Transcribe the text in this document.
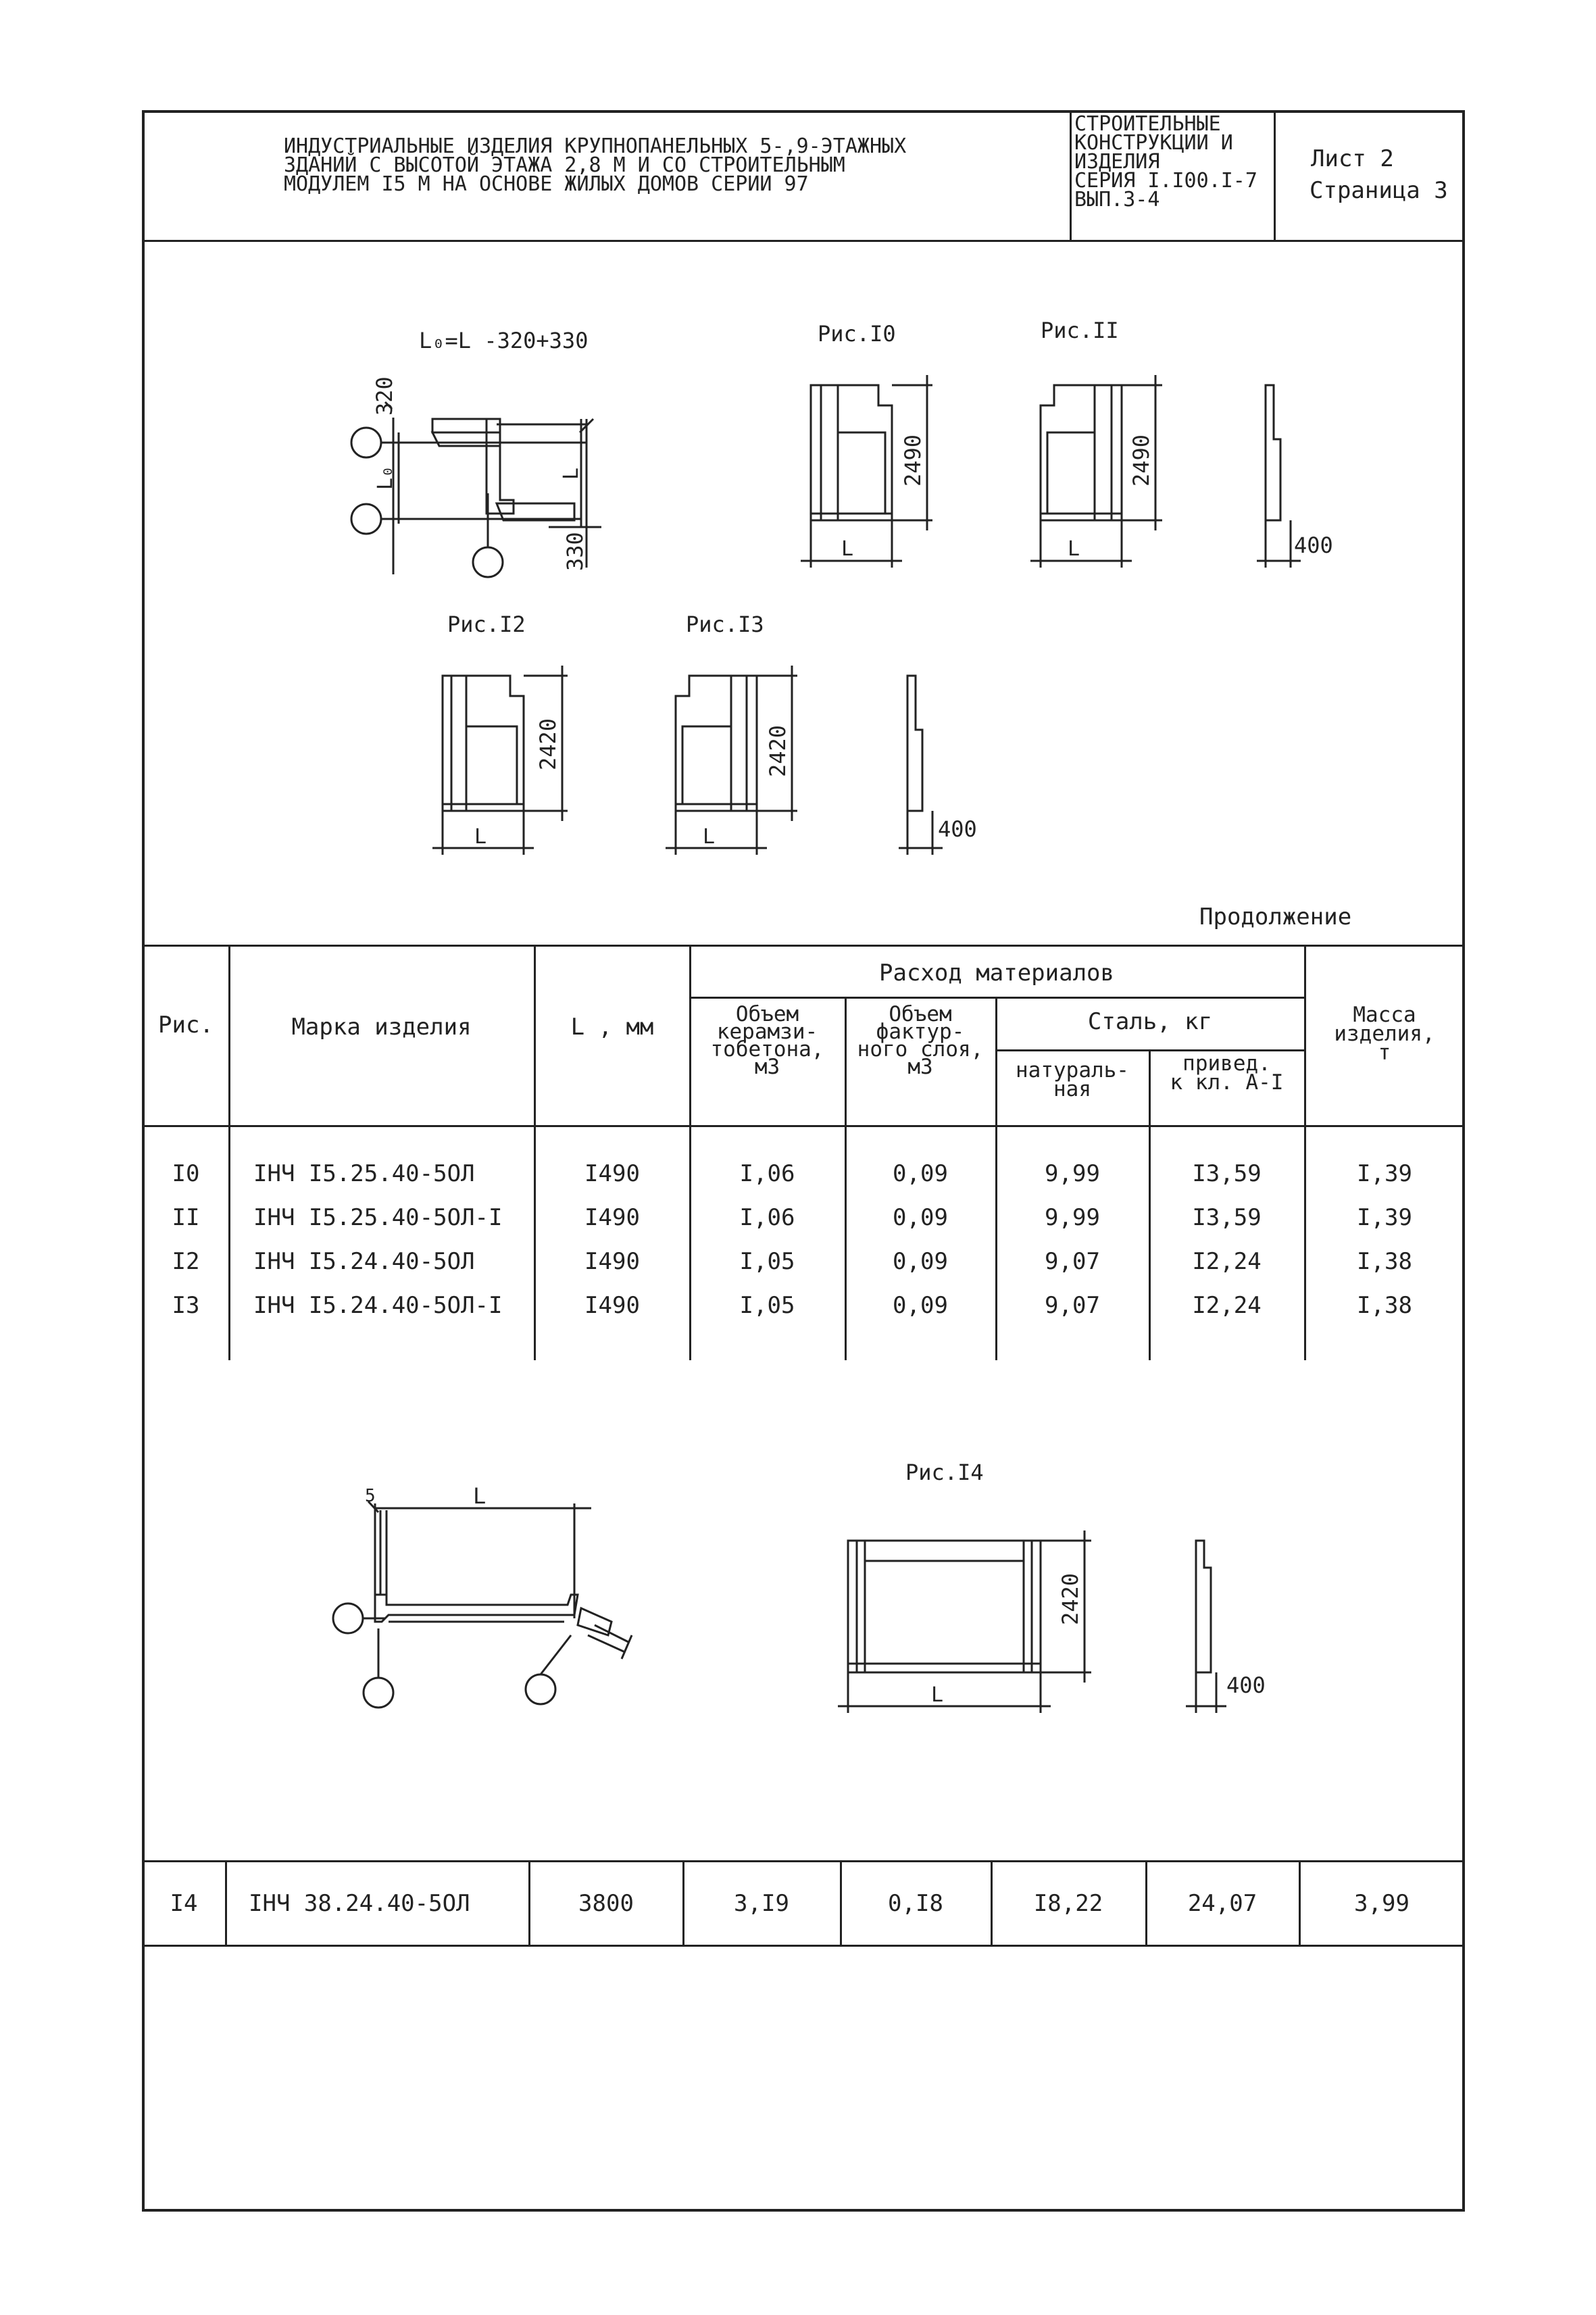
ИНДУСТРИАЛЬНЫЕ ИЗДЕЛИЯ КРУПНОПАНЕЛЬНЫХ 5-,9-ЭТАЖНЫХ
ЗДАНИЙ С ВЫСОТОЙ ЭТАЖА 2,8 М И СО СТРОИТЕЛЬНЫМ
МОДУЛЕМ I5 М НА ОСНОВЕ ЖИЛЫХ ДОМОВ СЕРИИ 97
СТРОИТЕЛЬНЫЕ
КОНСТРУКЦИИ И
ИЗДЕЛИЯ
СЕРИЯ I.I00.I-7
ВЫП.3-4
Лист 2
Страница 3
L₀=L -320+330
320
330
L
L₀
Рис.I0
2490
L
Рис.II
2490
L	400
Рис.I2
2420
L
Рис.I3
2420
L	400
Продолжение
Рис.	Марка изделия	L , мм
Расход материалов
Объем
керамзи-
тобетона,
м3
Объем
фактур-
ного слоя,
м3
Сталь, кг
натураль-
ная
привед.
к кл. А-I
Масса
изделия,
т
I0	IНЧ I5.25.40-5ОЛ	I490	I,06	0,09	9,99	I3,59	I,39
II	IНЧ I5.25.40-5ОЛ-I	I490	I,06	0,09	9,99	I3,59	I,39
I2	IНЧ I5.24.40-5ОЛ	I490	I,05	0,09	9,07	I2,24	I,38
I3	IНЧ I5.24.40-5ОЛ-I	I490	I,05	0,09	9,07	I2,24	I,38
5	L
Рис.I4
2420
L	400
I4	IНЧ 38.24.40-5ОЛ	3800	3,I9	0,I8	I8,22	24,07	3,99
